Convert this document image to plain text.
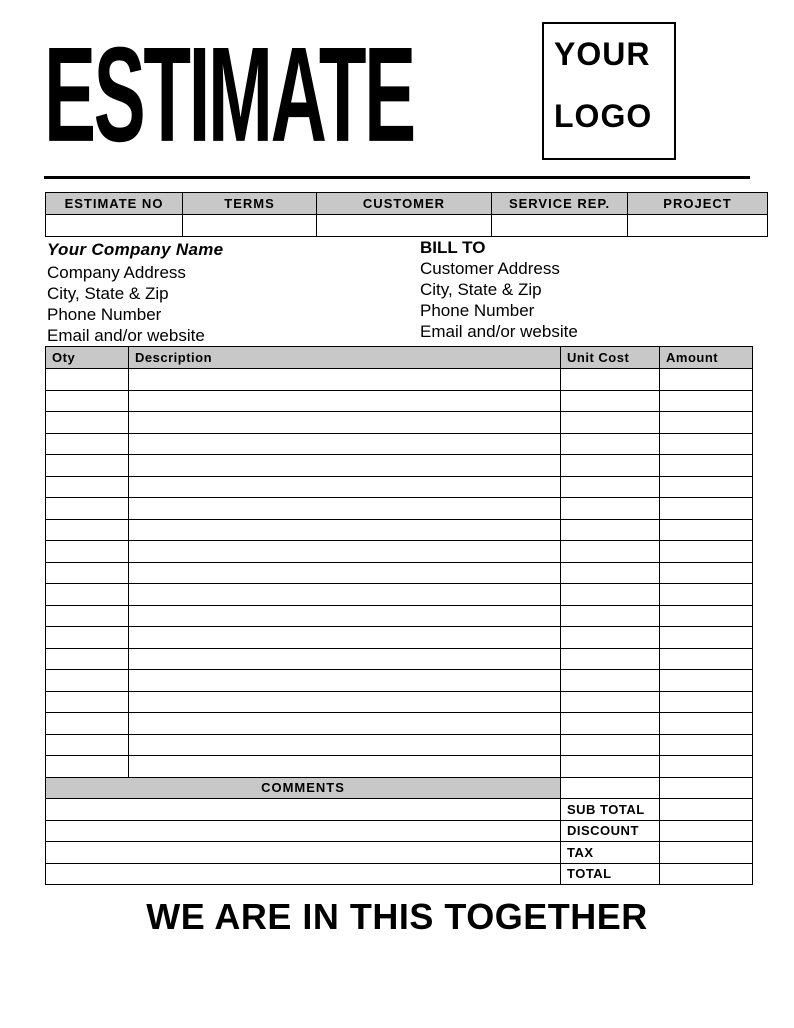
ESTIMATE	YOUR
LOGO
ESTIMATE NO	TERMS	CUSTOMER	SERVICE REP.	PROJECT

Your Company Name
Company Address
City, State & Zip
Phone Number
Email and/or website
BILL TO
Customer Address
City, State & Zip
Phone Number
Email and/or website
Oty	Description	Unit Cost	Amount

COMMENTS			
		SUB TOTAL	
		DISCOUNT	
		TAX	
		TOTAL	
WE ARE IN THIS TOGETHER
